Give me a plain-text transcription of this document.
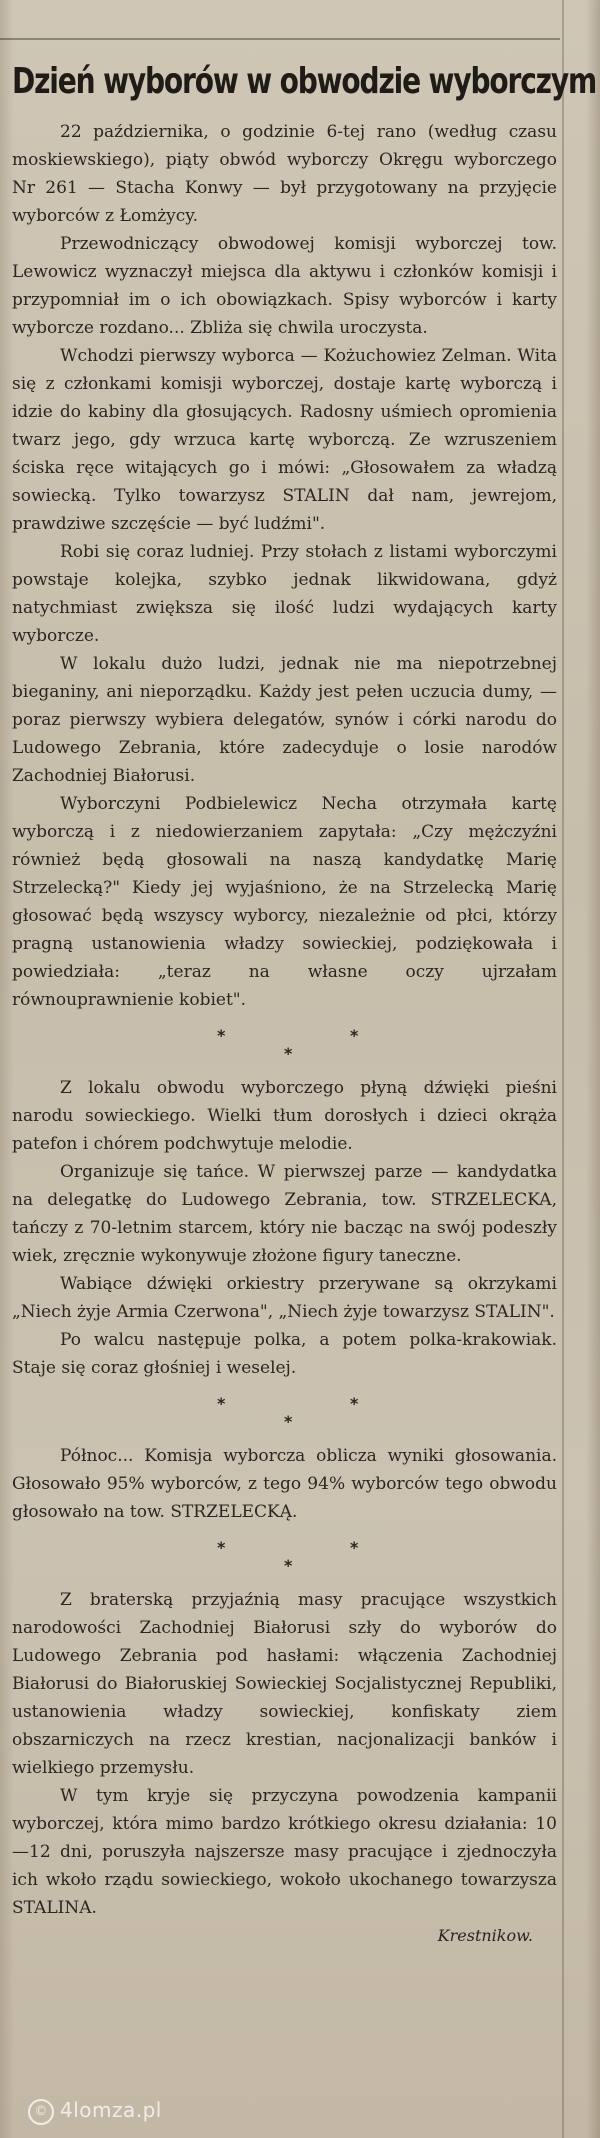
Dzień wyborów w obwodzie wyborczym

22 października, o godzinie 6-tej rano (według czasu moskiewskiego), piąty obwód wyborczy Okręgu wyborczego Nr 261 — Stacha Konwy — był przygotowany na przyjęcie wyborców z Łomżycy.

Przewodniczący obwodowej komisji wyborczej tow. Lewowicz wyznaczył miejsca dla aktywu i członków komisji i przypomniał im o ich obowiązkach. Spisy wyborców i karty wyborcze rozdano... Zbliża się chwila uroczysta.

Wchodzi pierwszy wyborca — Kożuchowiez Zelman. Wita się z członkami komisji wyborczej, dostaje kartę wyborczą i idzie do kabiny dla głosujących. Radosny uśmiech opromienia twarz jego, gdy wrzuca kartę wyborczą. Ze wzruszeniem ściska ręce witających go i mówi: „Głosowałem za władzą sowiecką. Tylko towarzysz STALIN dał nam, jewrejom, prawdziwe szczęście — być ludźmi".

Robi się coraz ludniej. Przy stołach z listami wyborczymi powstaje kolejka, szybko jednak likwidowana, gdyż natychmiast zwiększa się ilość ludzi wydających karty wyborcze.

W lokalu dużo ludzi, jednak nie ma niepotrzebnej bieganiny, ani nieporządku. Każdy jest pełen uczucia dumy, — poraz pierwszy wybiera delegatów, synów i córki narodu do Ludowego Zebrania, które zadecyduje o losie narodów Zachodniej Białorusi.

Wyborczyni Podbielewicz Necha otrzymała kartę wyborczą i z niedowierzaniem zapytała: „Czy mężczyźni również będą głosowali na naszą kandydatkę Marię Strzelecką?" Kiedy jej wyjaśniono, że na Strzelecką Marię głosować będą wszyscy wyborcy, niezależnie od płci, którzy pragną ustanowienia władzy sowieckiej, podziękowała i powiedziała: „teraz na własne oczy ujrzałam równouprawnienie kobiet".

*	*
*

Z lokalu obwodu wyborczego płyną dźwięki pieśni narodu sowieckiego. Wielki tłum dorosłych i dzieci okrąża patefon i chórem podchwytuje melodie.

Organizuje się tańce. W pierwszej parze — kandydatka na delegatkę do Ludowego Zebrania, tow. STRZELECKA, tańczy z 70-letnim starcem, który nie bacząc na swój podeszły wiek, zręcznie wykonywuje złożone figury taneczne.

Wabiące dźwięki orkiestry przerywane są okrzykami „Niech żyje Armia Czerwona", „Niech żyje towarzysz STALIN".

Po walcu następuje polka, a potem polka-krakowiak. Staje się coraz głośniej i weselej.

*	*
*

Północ... Komisja wyborcza oblicza wyniki głosowania. Głosowało 95% wyborców, z tego 94% wyborców tego obwodu głosowało na tow. STRZELECKĄ.

*	*
*

Z braterską przyjaźnią masy pracujące wszystkich narodowości Zachodniej Białorusi szły do wyborów do Ludowego Zebrania pod hasłami: włączenia Zachodniej Białorusi do Białoruskiej Sowieckiej Socjalistycznej Republiki, ustanowienia władzy sowieckiej, konfiskaty ziem obszarniczych na rzecz krestian, nacjonalizacji banków i wielkiego przemysłu.

W tym kryje się przyczyna powodzenia kampanii wyborczej, która mimo bardzo krótkiego okresu działania: 10—12 dni, poruszyła najszersze masy pracujące i zjednoczyła ich wkoło rządu sowieckiego, wokoło ukochanego towarzysza STALINA.

Krestnikow.
© 4lomza.pl
